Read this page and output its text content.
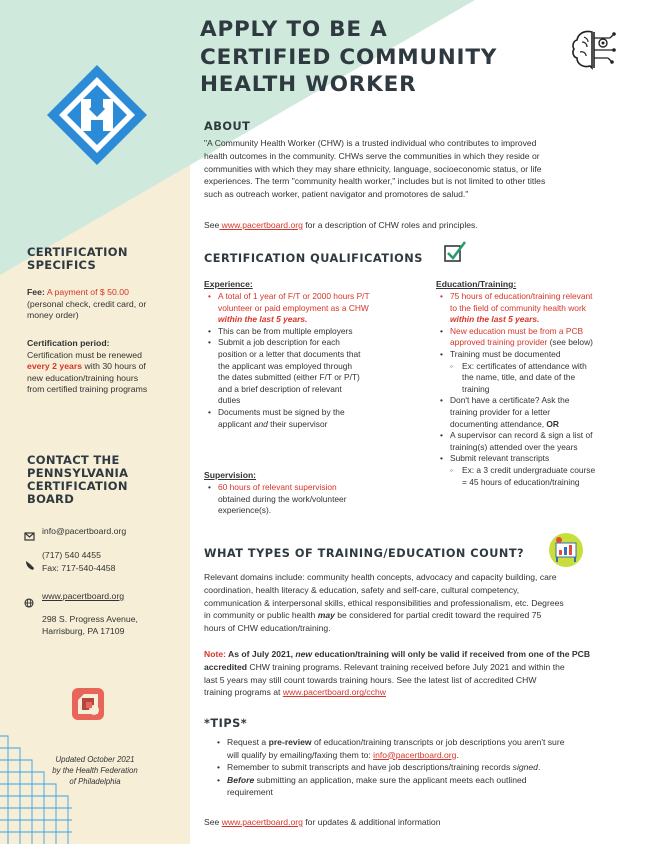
APPLY TO BE A
CERTIFIED COMMUNITY
HEALTH WORKER
ABOUT
"A Community Health Worker (CHW) is a trusted individual who contributes to improved
health outcomes in the community. CHWs serve the communities in which they reside or
communities with which they may share ethnicity, language, socioeconomic status, or life
experiences. The term "community health worker," includes but is not limited to other titles
such as outreach worker, patient navigator and promotores de salud."
See www.pacertboard.org for a description of CHW roles and principles.
CERTIFICATION QUALIFICATIONS
Experience:
• A total of 1 year of F/T or 2000 hours P/T
volunteer or paid employment as a CHW
within the last 5 years.
• This can be from multiple employers
• Submit a job description for each
position or a letter that documents that
the applicant was employed through
the dates submitted (either F/T or P/T)
and a brief description of relevant
duties
• Documents must be signed by the
applicant and their supervisor
Supervision:
• 60 hours of relevant supervision
obtained during the work/volunteer
experience(s).
Education/Training:
• 75 hours of education/training relevant
to the field of community health work
within the last 5 years.
• New education must be from a PCB
approved training provider (see below)
• Training must be documented
◦ Ex: certificates of attendance with
the name, title, and date of the
training
• Don't have a certificate? Ask the
training provider for a letter
documenting attendance, OR
• A supervisor can record & sign a list of
training(s) attended over the years
• Submit relevant transcripts
◦ Ex: a 3 credit undergraduate course
= 45 hours of education/training
WHAT TYPES OF TRAINING/EDUCATION COUNT?
Relevant domains include: community health concepts, advocacy and capacity building, care
coordination, health literacy & education, safety and self-care, cultural competency,
communication & interpersonal skills, ethical responsibilities and professionalism, etc. Degrees
in community or public health may be considered for partial credit toward the required 75
hours of CHW education/training.
Note: As of July 2021, new education/training will only be valid if received from one of the PCB
accredited CHW training programs. Relevant training received before July 2021 and within the
last 5 years may still count towards training hours. See the latest list of accredited CHW
training programs at www.pacertboard.org/cchw
*TIPS*
• Request a pre-review of education/training transcripts or job descriptions you aren't sure
will qualify by emailing/faxing them to: info@pacertboard.org.
• Remember to submit transcripts and have job descriptions/training records signed.
• Before submitting an application, make sure the applicant meets each outlined
requirement
See www.pacertboard.org for updates & additional information
CERTIFICATION
SPECIFICS
Fee: A payment of $ 50.00
(personal check, credit card, or
money order)
Certification period:
Certification must be renewed
every 2 years with 30 hours of
new education/training hours
from certified training programs
CONTACT THE
PENNSYLVANIA
CERTIFICATION
BOARD
info@pacertboard.org
(717) 540 4455
Fax: 717-540-4458
www.pacertboard.org
298 S. Progress Avenue,
Harrisburg, PA 17109
Updated October 2021
by the Health Federation
of Philadelphia
